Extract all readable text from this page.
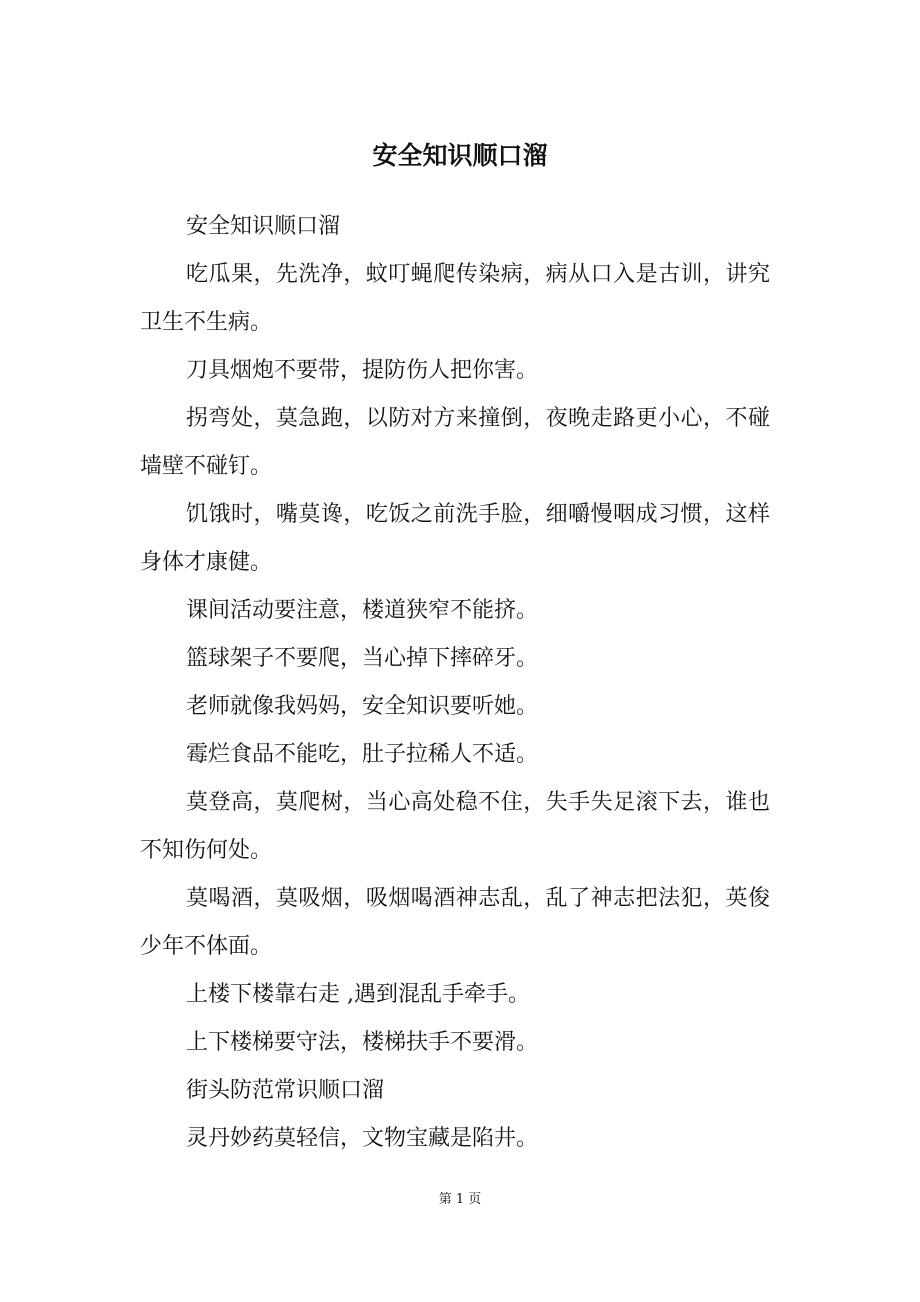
安全知识顺口溜

安全知识顺口溜

吃瓜果，先洗净，蚊叮蝇爬传染病，病从口入是古训，讲究卫生不生病。

刀具烟炮不要带，提防伤人把你害。

拐弯处，莫急跑，以防对方来撞倒，夜晚走路更小心，不碰墙壁不碰钉。

饥饿时，嘴莫谗，吃饭之前洗手脸，细嚼慢咽成习惯，这样身体才康健。

课间活动要注意，楼道狭窄不能挤。

篮球架子不要爬，当心掉下摔碎牙。

老师就像我妈妈，安全知识要听她。

霉烂食品不能吃，肚子拉稀人不适。

莫登高，莫爬树，当心高处稳不住，失手失足滚下去，谁也不知伤何处。

莫喝酒，莫吸烟，吸烟喝酒神志乱，乱了神志把法犯，英俊少年不体面。

上楼下楼靠右走 ,遇到混乱手牵手。

上下楼梯要守法，楼梯扶手不要滑。

街头防范常识顺口溜

灵丹妙药莫轻信，文物宝藏是陷井。

第 1 页
